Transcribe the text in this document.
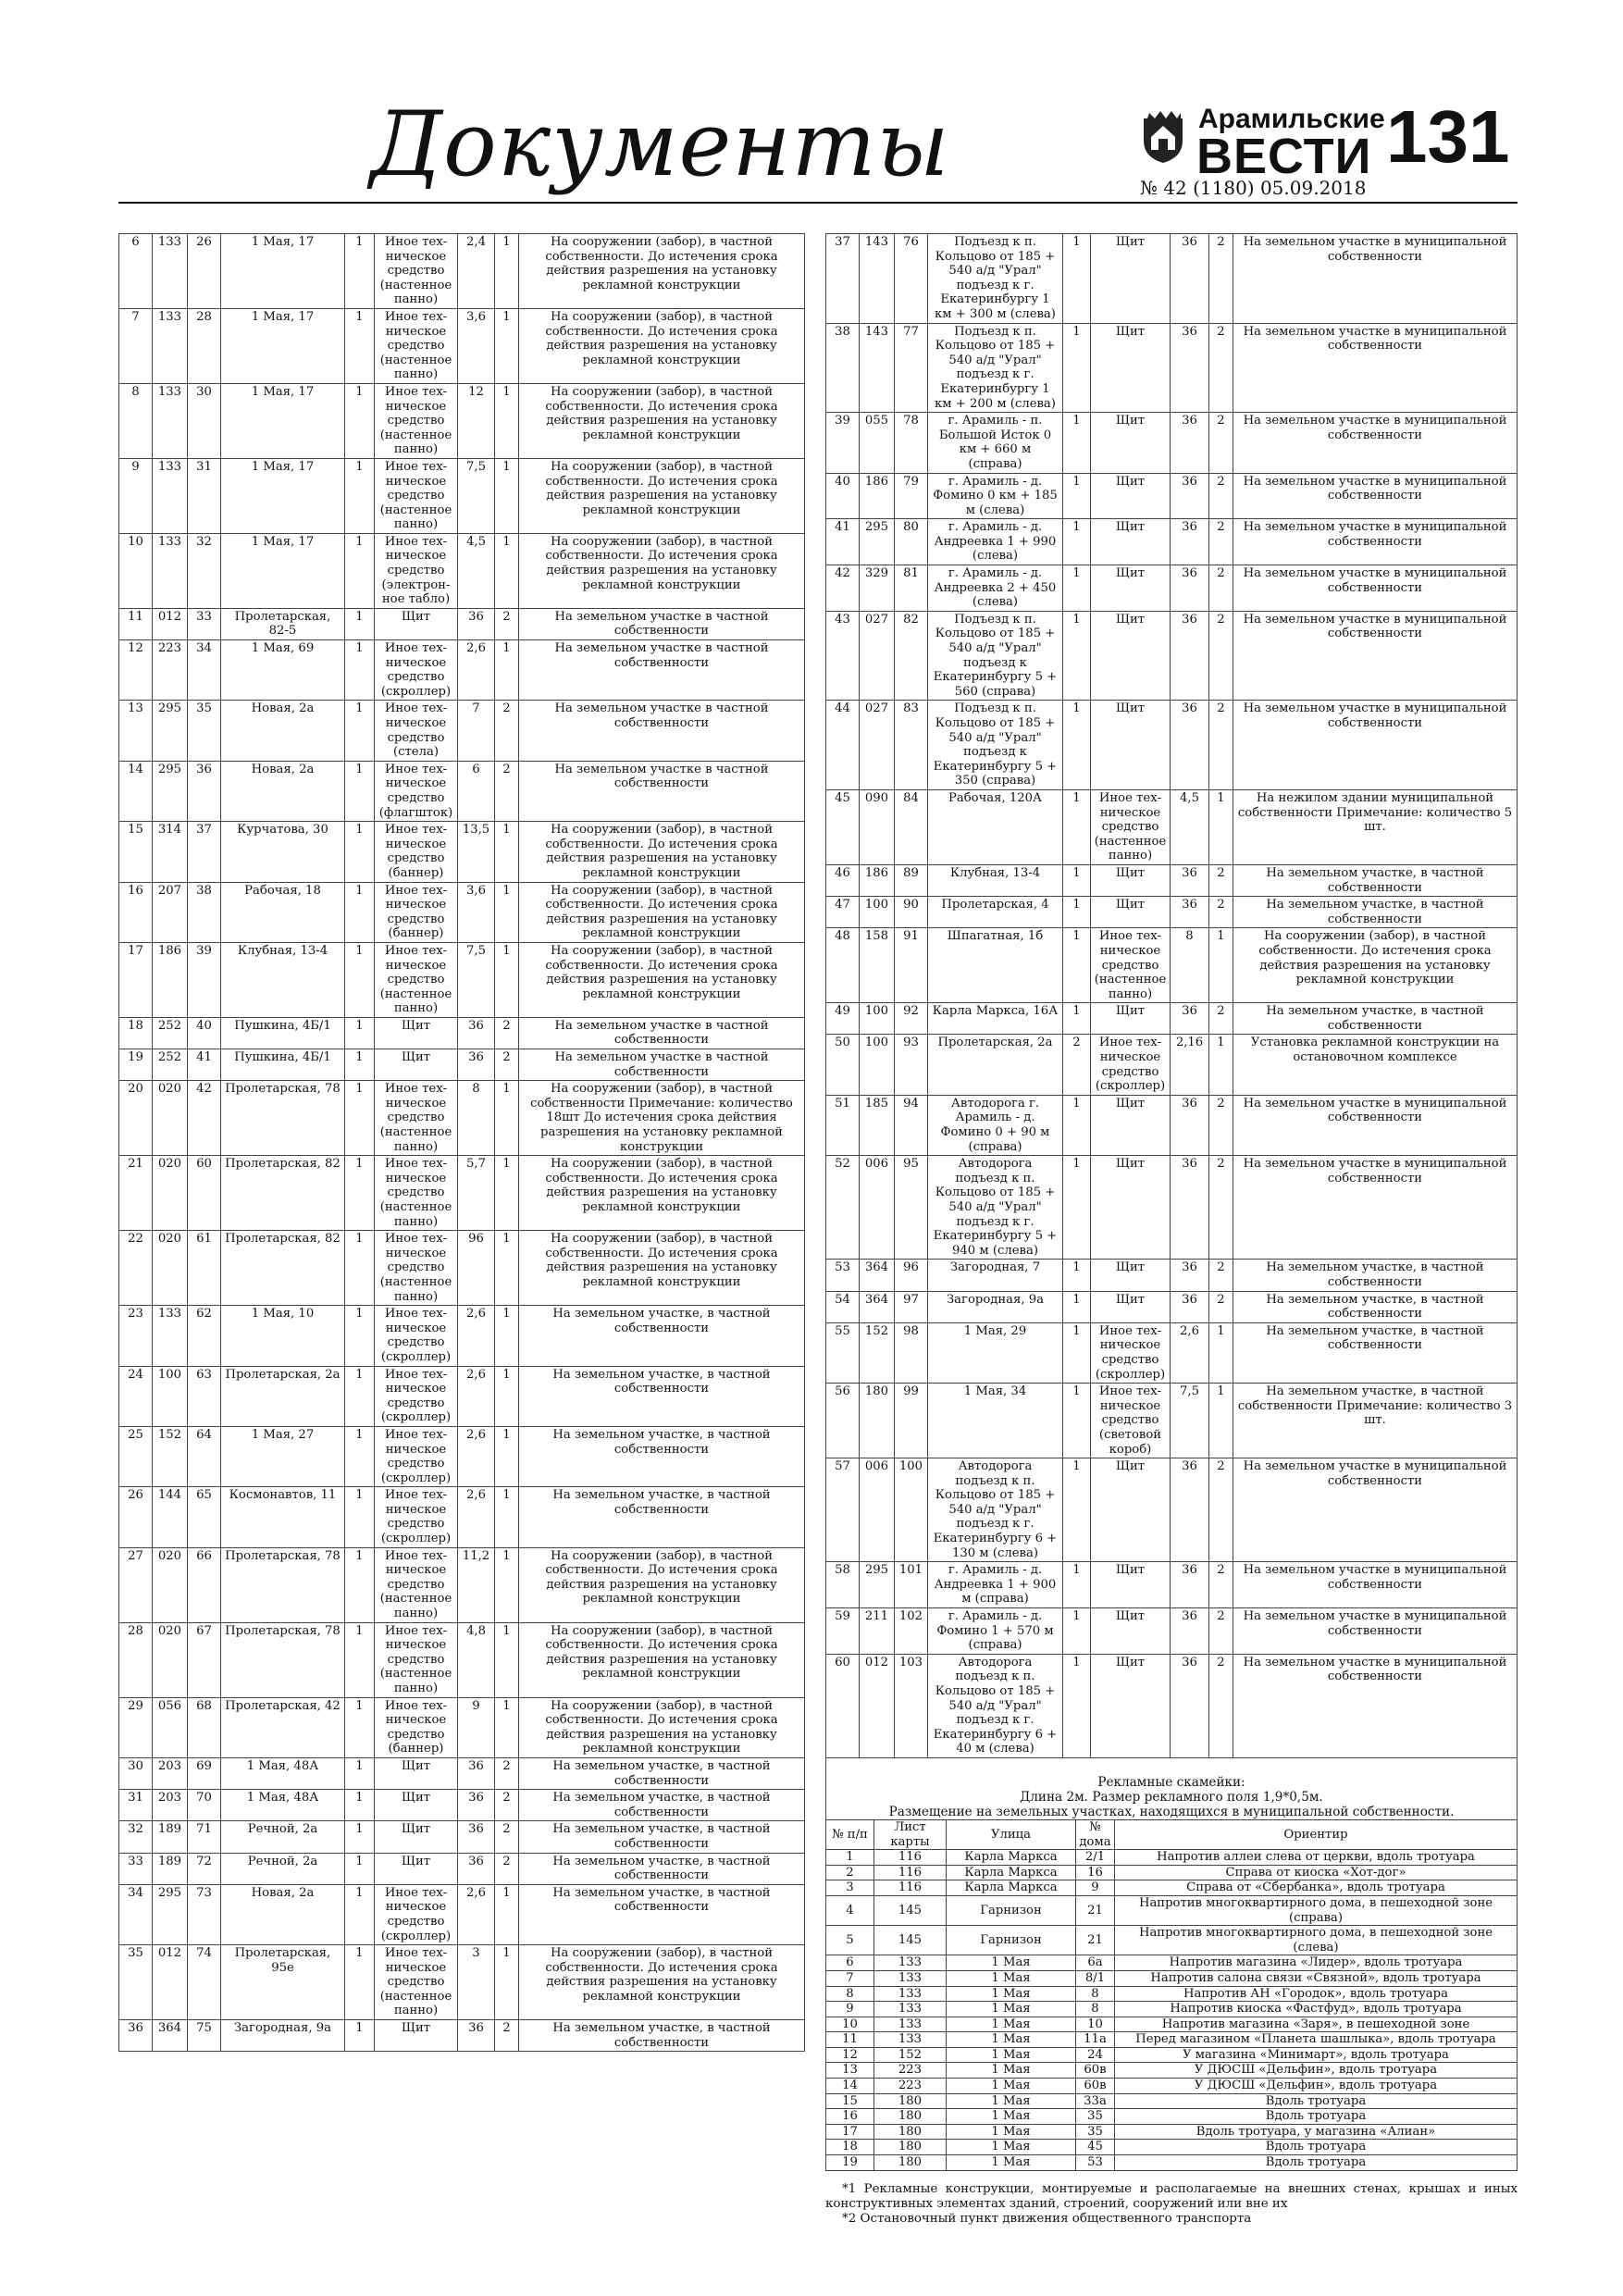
Документы	Арамильские
ВЕСТИ 131
№ 42 (1180) 05.09.2018
6	133	26	1 Мая, 17	1	Иное тех-ническое средство (настенное панно)	2,4	1	На сооружении (забор), в частной собственности. До истечения срока действия разрешения на установку рекламной конструкции
7	133	28	1 Мая, 17	1	Иное тех-ническое средство (настенное панно)	3,6	1	На сооружении (забор), в частной собственности. До истечения срока действия разрешения на установку рекламной конструкции
8	133	30	1 Мая, 17	1	Иное тех-ническое средство (настенное панно)	12	1	На сооружении (забор), в частной собственности. До истечения срока действия разрешения на установку рекламной конструкции
9	133	31	1 Мая, 17	1	Иное тех-ническое средство (настенное панно)	7,5	1	На сооружении (забор), в частной собственности. До истечения срока действия разрешения на установку рекламной конструкции
10	133	32	1 Мая, 17	1	Иное тех-ническое средство (электрон-ное табло)	4,5	1	На сооружении (забор), в частной собственности. До истечения срока действия разрешения на установку рекламной конструкции
11	012	33	Пролетарская, 82-5	1	Щит	36	2	На земельном участке в частной собственности
12	223	34	1 Мая, 69	1	Иное тех-ническое средство (скроллер)	2,6	1	На земельном участке в частной собственности
13	295	35	Новая, 2а	1	Иное тех-ническое средство (стела)	7	2	На земельном участке в частной собственности
14	295	36	Новая, 2а	1	Иное тех-ническое средство (флагшток)	6	2	На земельном участке в частной собственности
15	314	37	Курчатова, 30	1	Иное тех-ническое средство (баннер)	13,5	1	На сооружении (забор), в частной собственности. До истечения срока действия разрешения на установку рекламной конструкции
16	207	38	Рабочая, 18	1	Иное тех-ническое средство (баннер)	3,6	1	На сооружении (забор), в частной собственности. До истечения срока действия разрешения на установку рекламной конструкции
17	186	39	Клубная, 13-4	1	Иное тех-ническое средство (настенное панно)	7,5	1	На сооружении (забор), в частной собственности. До истечения срока действия разрешения на установку рекламной конструкции
18	252	40	Пушкина, 4Б/1	1	Щит	36	2	На земельном участке в частной собственности
19	252	41	Пушкина, 4Б/1	1	Щит	36	2	На земельном участке в частной собственности
20	020	42	Пролетарская, 78	1	Иное тех-ническое средство (настенное панно)	8	1	На сооружении (забор), в частной собственности Примечание: количество 18шт До истечения срока действия разрешения на установку рекламной конструкции
21	020	60	Пролетарская, 82	1	Иное тех-ническое средство (настенное панно)	5,7	1	На сооружении (забор), в частной собственности. До истечения срока действия разрешения на установку рекламной конструкции
22	020	61	Пролетарская, 82	1	Иное тех-ническое средство (настенное панно)	96	1	На сооружении (забор), в частной собственности. До истечения срока действия разрешения на установку рекламной конструкции
23	133	62	1 Мая, 10	1	Иное тех-ническое средство (скроллер)	2,6	1	На земельном участке, в частной собственности
24	100	63	Пролетарская, 2а	1	Иное тех-ническое средство (скроллер)	2,6	1	На земельном участке, в частной собственности
25	152	64	1 Мая, 27	1	Иное тех-ническое средство (скроллер)	2,6	1	На земельном участке, в частной собственности
26	144	65	Космонавтов, 11	1	Иное тех-ническое средство (скроллер)	2,6	1	На земельном участке, в частной собственности
27	020	66	Пролетарская, 78	1	Иное тех-ническое средство (настенное панно)	11,2	1	На сооружении (забор), в частной собственности. До истечения срока действия разрешения на установку рекламной конструкции
28	020	67	Пролетарская, 78	1	Иное тех-ническое средство (настенное панно)	4,8	1	На сооружении (забор), в частной собственности. До истечения срока действия разрешения на установку рекламной конструкции
29	056	68	Пролетарская, 42	1	Иное тех-ническое средство (баннер)	9	1	На сооружении (забор), в частной собственности. До истечения срока действия разрешения на установку рекламной конструкции
30	203	69	1 Мая, 48А	1	Щит	36	2	На земельном участке, в частной собственности
31	203	70	1 Мая, 48А	1	Щит	36	2	На земельном участке, в частной собственности
32	189	71	Речной, 2а	1	Щит	36	2	На земельном участке, в частной собственности
33	189	72	Речной, 2а	1	Щит	36	2	На земельном участке, в частной собственности
34	295	73	Новая, 2а	1	Иное тех-ническое средство (скроллер)	2,6	1	На земельном участке, в частной собственности
35	012	74	Пролетарская, 95е	1	Иное тех-ническое средство (настенное панно)	3	1	На сооружении (забор), в частной собственности. До истечения срока действия разрешения на установку рекламной конструкции
36	364	75	Загородная, 9а	1	Щит	36	2	На земельном участке, в частной собственности
37	143	76	Подъезд к п. Кольцово от 185 + 540 а/д "Урал" подъезд к г. Екатеринбургу 1 км + 300 м (слева)	1	Щит	36	2	На земельном участке в муниципальной собственности
38	143	77	Подъезд к п. Кольцово от 185 + 540 а/д "Урал" подъезд к г. Екатеринбургу 1 км + 200 м (слева)	1	Щит	36	2	На земельном участке в муниципальной собственности
39	055	78	г. Арамиль - п. Большой Исток 0 км + 660 м (справа)	1	Щит	36	2	На земельном участке в муниципальной собственности
40	186	79	г. Арамиль - д. Фомино 0 км + 185 м (слева)	1	Щит	36	2	На земельном участке в муниципальной собственности
41	295	80	г. Арамиль - д. Андреевка 1 + 990 (слева)	1	Щит	36	2	На земельном участке в муниципальной собственности
42	329	81	г. Арамиль - д. Андреевка 2 + 450 (слева)	1	Щит	36	2	На земельном участке в муниципальной собственности
43	027	82	Подъезд к п. Кольцово от 185 + 540 а/д "Урал" подъезд к Екатеринбургу 5 + 560 (справа)	1	Щит	36	2	На земельном участке в муниципальной собственности
44	027	83	Подъезд к п. Кольцово от 185 + 540 а/д "Урал" подъезд к Екатеринбургу 5 + 350 (справа)	1	Щит	36	2	На земельном участке в муниципальной собственности
45	090	84	Рабочая, 120А	1	Иное тех-ническое средство (настенное панно)	4,5	1	На нежилом здании муниципальной собственности Примечание: количество 5 шт.
46	186	89	Клубная, 13-4	1	Щит	36	2	На земельном участке, в частной собственности
47	100	90	Пролетарская, 4	1	Щит	36	2	На земельном участке, в частной собственности
48	158	91	Шпагатная, 1б	1	Иное тех-ническое средство (настенное панно)	8	1	На сооружении (забор), в частной собственности. До истечения срока действия разрешения на установку рекламной конструкции
49	100	92	Карла Маркса, 16А	1	Щит	36	2	На земельном участке, в частной собственности
50	100	93	Пролетарская, 2а	2	Иное тех-ническое средство (скроллер)	2,16	1	Установка рекламной конструкции на остановочном комплексе
51	185	94	Автодорога г. Арамиль - д. Фомино 0 + 90 м (справа)	1	Щит	36	2	На земельном участке в муниципальной собственности
52	006	95	Автодорога подъезд к п. Кольцово от 185 + 540 а/д "Урал" подъезд к г. Екатеринбургу 5 + 940 м (слева)	1	Щит	36	2	На земельном участке в муниципальной собственности
53	364	96	Загородная, 7	1	Щит	36	2	На земельном участке, в частной собственности
54	364	97	Загородная, 9а	1	Щит	36	2	На земельном участке, в частной собственности
55	152	98	1 Мая, 29	1	Иное тех-ническое средство (скроллер)	2,6	1	На земельном участке, в частной собственности
56	180	99	1 Мая, 34	1	Иное тех-ническое средство (световой короб)	7,5	1	На земельном участке, в частной собственности Примечание: количество 3 шт.
57	006	100	Автодорога подъезд к п. Кольцово от 185 + 540 а/д "Урал" подъезд к г. Екатеринбургу 6 + 130 м (слева)	1	Щит	36	2	На земельном участке в муниципальной собственности
58	295	101	г. Арамиль - д. Андреевка 1 + 900 м (справа)	1	Щит	36	2	На земельном участке в муниципальной собственности
59	211	102	г. Арамиль - д. Фомино 1 + 570 м (справа)	1	Щит	36	2	На земельном участке в муниципальной собственности
60	012	103	Автодорога подъезд к п. Кольцово от 185 + 540 а/д "Урал" подъезд к г. Екатеринбургу 6 + 40 м (слева)	1	Щит	36	2	На земельном участке в муниципальной собственности
Рекламные скамейки:
Длина 2м. Размер рекламного поля 1,9*0,5м.
Размещение на земельных участках, находящихся в муниципальной собственности.
№ п/п	Лист карты	Улица	№ дома	Ориентир
1	116	Карла Маркса	2/1	Напротив аллеи слева от церкви, вдоль тротуара
2	116	Карла Маркса	16	Справа от киоска «Хот-дог»
3	116	Карла Маркса	9	Справа от «Сбербанка», вдоль тротуара
4	145	Гарнизон	21	Напротив многоквартирного дома, в пешеходной зоне (справа)
5	145	Гарнизон	21	Напротив многоквартирного дома, в пешеходной зоне (слева)
6	133	1 Мая	6а	Напротив магазина «Лидер», вдоль тротуара
7	133	1 Мая	8/1	Напротив салона связи «Связной», вдоль тротуара
8	133	1 Мая	8	Напротив АН «Городок», вдоль тротуара
9	133	1 Мая	8	Напротив киоска «Фастфуд», вдоль тротуара
10	133	1 Мая	10	Напротив магазина «Заря», в пешеходной зоне
11	133	1 Мая	11а	Перед магазином «Планета шашлыка», вдоль тротуара
12	152	1 Мая	24	У магазина «Минимарт», вдоль тротуара
13	223	1 Мая	60в	У ДЮСШ «Дельфин», вдоль тротуара
14	223	1 Мая	60в	У ДЮСШ «Дельфин», вдоль тротуара
15	180	1 Мая	33а	Вдоль тротуара
16	180	1 Мая	35	Вдоль тротуара
17	180	1 Мая	35	Вдоль тротуара, у магазина «Алиан»
18	180	1 Мая	45	Вдоль тротуара
19	180	1 Мая	53	Вдоль тротуара

*1 Рекламные конструкции, монтируемые и располагаемые на внешних стенах, крышах и иных конструктивных элементах зданий, строений, сооружений или вне их

*2 Остановочный пункт движения общественного транспорта
